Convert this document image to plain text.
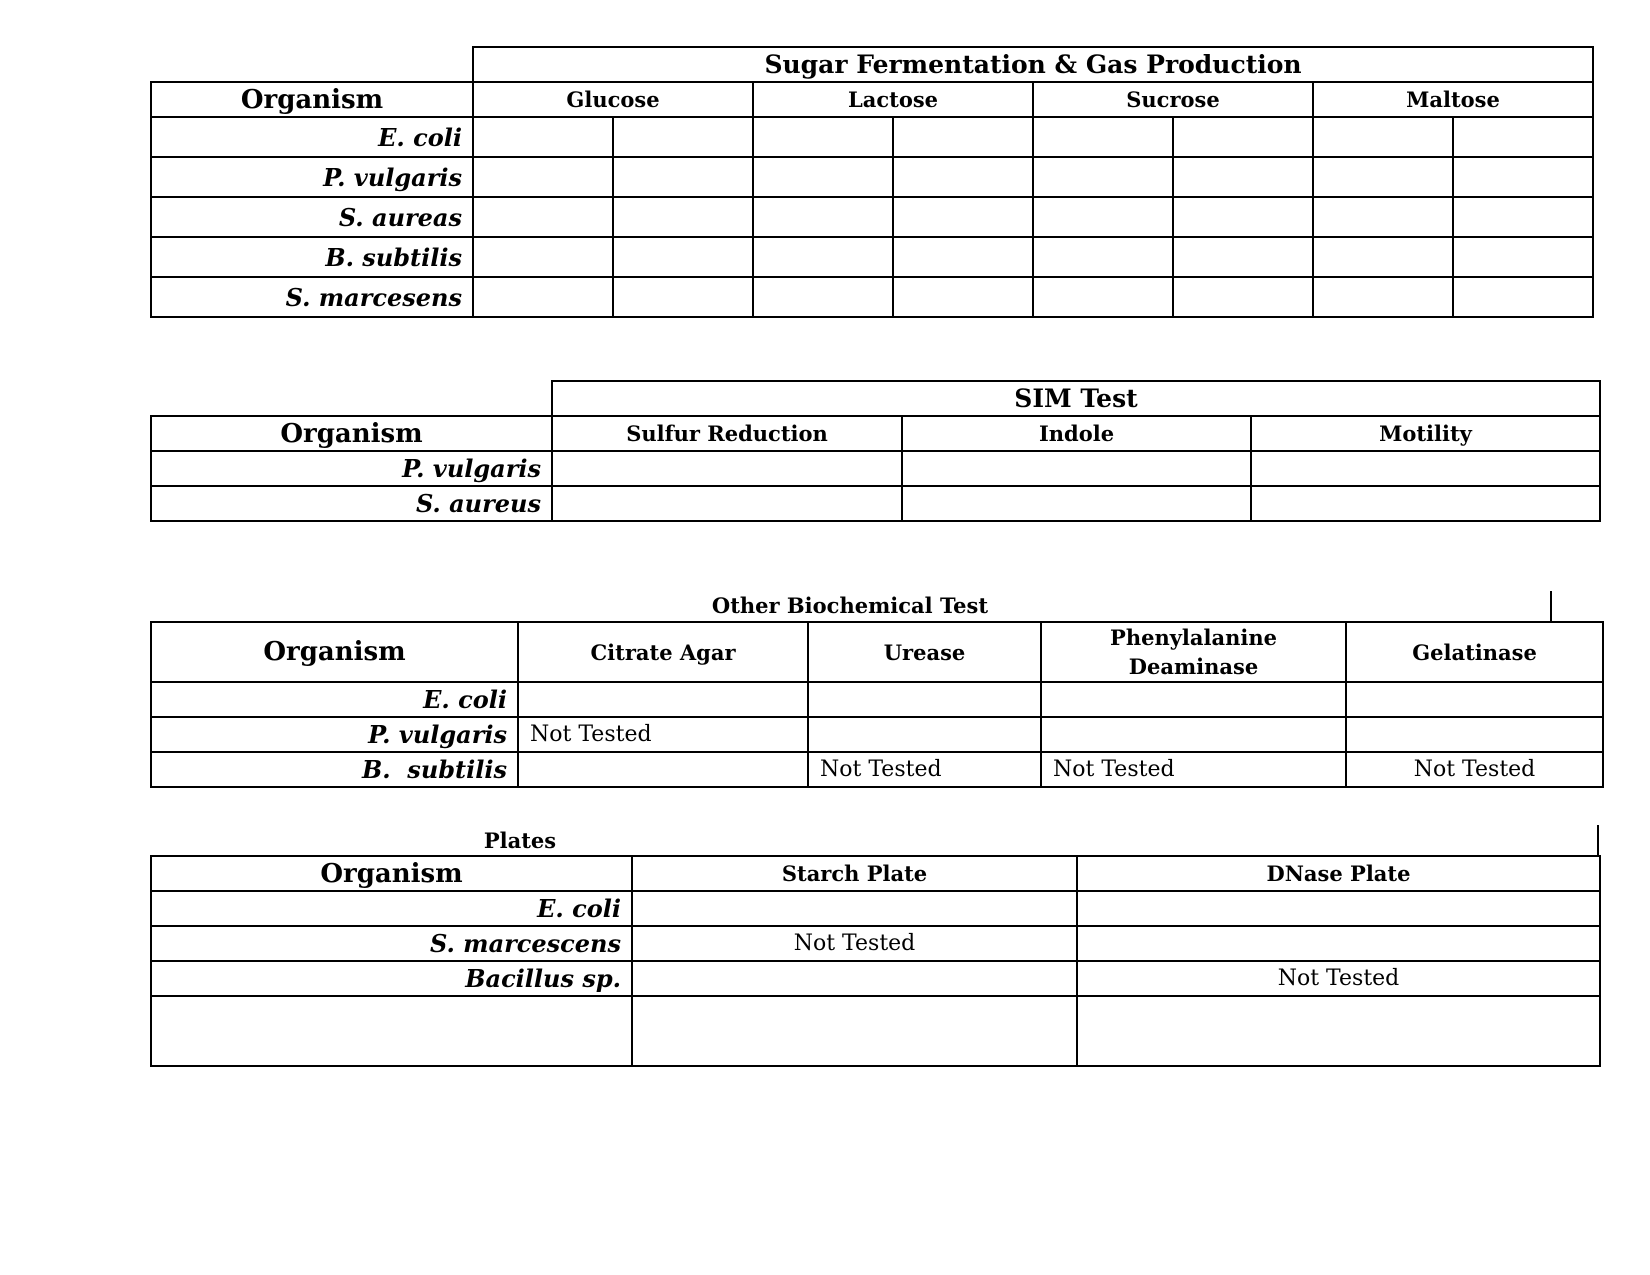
	Sugar Fermentation & Gas Production							
Organism	Glucose		Lactose		Sucrose		Maltose	
E. coli								
P. vulgaris								
S. aureas								
B. subtilis								
S. marcesens								
	SIM Test		
Organism	Sulfur Reduction	Indole	Motility
P. vulgaris			
S. aureus			
Other Biochemical Test
Organism	Citrate Agar	Urease	Phenylalanine Deaminase	Gelatinase
E. coli				
P. vulgaris	Not Tested			
B.  subtilis		Not Tested	Not Tested	Not Tested
Plates
Organism	Starch Plate	DNase Plate
E. coli		
S. marcescens	Not Tested	
Bacillus sp.		Not Tested
